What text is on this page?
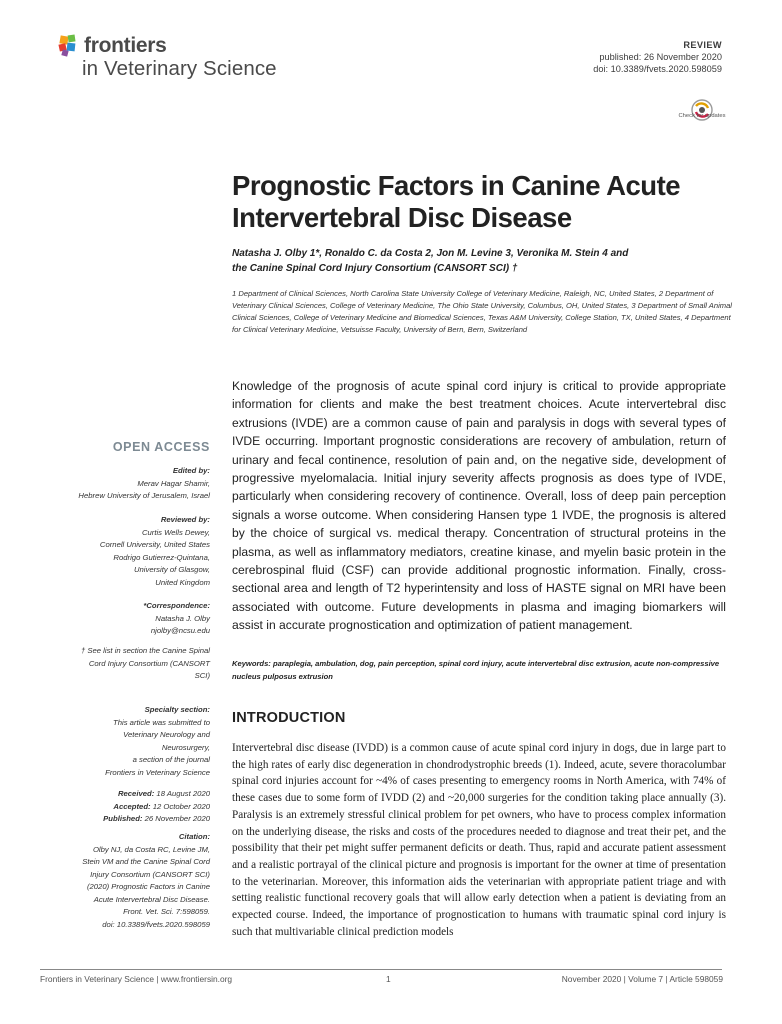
frontiers
in Veterinary Science
REVIEW
published: 26 November 2020
doi: 10.3389/fvets.2020.598059
Check for updates
Prognostic Factors in Canine Acute Intervertebral Disc Disease
Natasha J. Olby 1*, Ronaldo C. da Costa 2, Jon M. Levine 3, Veronika M. Stein 4 and
the Canine Spinal Cord Injury Consortium (CANSORT SCI) †
1 Department of Clinical Sciences, North Carolina State University College of Veterinary Medicine, Raleigh, NC, United States, 2 Department of Veterinary Clinical Sciences, College of Veterinary Medicine, The Ohio State University, Columbus, OH, United States, 3 Department of Small Animal Clinical Sciences, College of Veterinary Medicine and Biomedical Sciences, Texas A&M University, College Station, TX, United States, 4 Department for Clinical Veterinary Medicine, Vetsuisse Faculty, University of Bern, Bern, Switzerland
Knowledge of the prognosis of acute spinal cord injury is critical to provide appropriate information for clients and make the best treatment choices. Acute intervertebral disc extrusions (IVDE) are a common cause of pain and paralysis in dogs with several types of IVDE occurring. Important prognostic considerations are recovery of ambulation, return of urinary and fecal continence, resolution of pain and, on the negative side, development of progressive myelomalacia. Initial injury severity affects prognosis as does type of IVDE, particularly when considering recovery of continence. Overall, loss of deep pain perception signals a worse outcome. When considering Hansen type 1 IVDE, the prognosis is altered by the choice of surgical vs. medical therapy. Concentration of structural proteins in the plasma, as well as inflammatory mediators, creatine kinase, and myelin basic protein in the cerebrospinal fluid (CSF) can provide additional prognostic information. Finally, cross-sectional area and length of T2 hyperintensity and loss of HASTE signal on MRI have been associated with outcome. Future developments in plasma and imaging biomarkers will assist in accurate prognostication and optimization of patient management.
Keywords: paraplegia, ambulation, dog, pain perception, spinal cord injury, acute intervertebral disc extrusion, acute non-compressive nucleus pulposus extrusion
INTRODUCTION
Intervertebral disc disease (IVDD) is a common cause of acute spinal cord injury in dogs, due in large part to the high rates of early disc degeneration in chondrodystrophic breeds (1). Indeed, acute, severe thoracolumbar spinal cord injuries account for ~4% of cases presenting to emergency rooms in North America, with 74% of these cases due to some form of IVDD (2) and ~20,000 surgeries for the condition taking place annually (3). Paralysis is an extremely stressful clinical problem for pet owners, who have to process complex information on the underlying disease, the risks and costs of the procedures needed to diagnose and treat their pet, and the possibility that their pet might suffer permanent deficits or death. Thus, rapid and accurate patient assessment and a realistic portrayal of the clinical picture and prognosis is important for the owner at time of presentation to the veterinarian. Moreover, this information aids the veterinarian with appropriate patient triage and with setting realistic functional recovery goals that will allow early detection when a patient is deviating from an expected course. Indeed, the importance of prognostication to humans with traumatic spinal cord injury is such that multivariable clinical prediction models
OPEN ACCESS
Edited by:
Merav Hagar Shamir,
Hebrew University of Jerusalem, Israel
Reviewed by:
Curtis Wells Dewey,
Cornell University, United States
Rodrigo Gutierrez-Quintana,
University of Glasgow,
United Kingdom
*Correspondence:
Natasha J. Olby
njolby@ncsu.edu
† See list in section the Canine Spinal
Cord Injury Consortium (CANSORT
SCI)
Specialty section:
This article was submitted to
Veterinary Neurology and
Neurosurgery,
a section of the journal
Frontiers in Veterinary Science
Received: 18 August 2020
Accepted: 12 October 2020
Published: 26 November 2020
Citation:
Olby NJ, da Costa RC, Levine JM,
Stein VM and the Canine Spinal Cord
Injury Consortium (CANSORT SCI)
(2020) Prognostic Factors in Canine
Acute Intervertebral Disc Disease.
Front. Vet. Sci. 7:598059.
doi: 10.3389/fvets.2020.598059
Frontiers in Veterinary Science | www.frontiersin.org	1	November 2020 | Volume 7 | Article 598059
